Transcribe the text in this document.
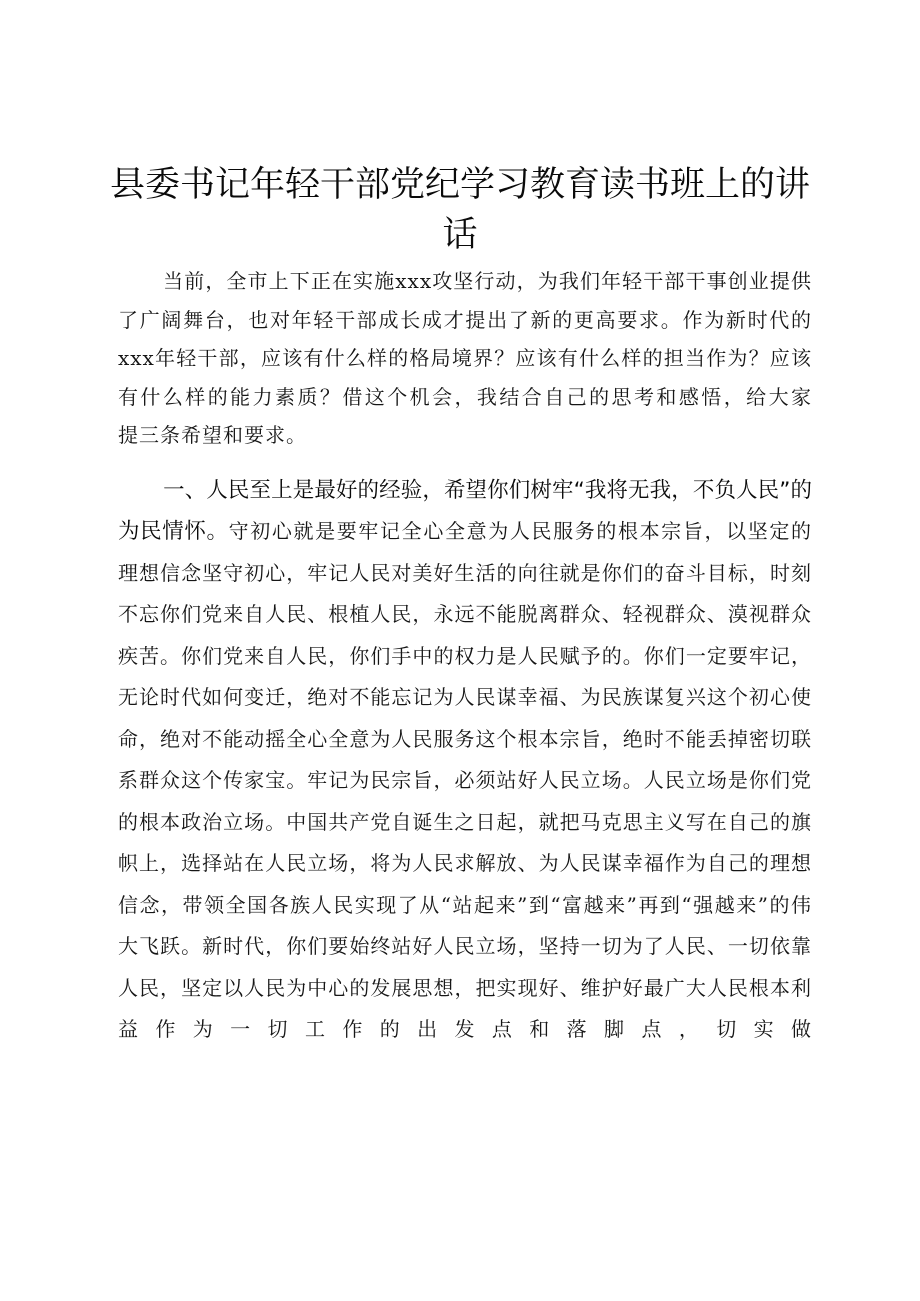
县委书记年轻干部党纪学习教育读书班上的讲话

当前，全市上下正在实施xxx攻坚行动，为我们年轻干部干事创业提供了广阔舞台，也对年轻干部成长成才提出了新的更高要求。作为新时代的xxx年轻干部，应该有什么样的格局境界？应该有什么样的担当作为？应该有什么样的能力素质？借这个机会，我结合自己的思考和感悟，给大家
提三条希望和要求。

一、人民至上是最好的经验，希望你们树牢“我将无我，不负人民”的为民情怀。守初心就是要牢记全心全意为人民服务的根本宗旨，以坚定的理想信念坚守初心，牢记人民对美好生活的向往就是你们的奋斗目标，时刻不忘你们党来自人民、根植人民，永远不能脱离群众、轻视群众、漠视群众疾苦。你们党来自人民，你们手中的权力是人民赋予的。你们一定要牢记，无论时代如何变迁，绝对不能忘记为人民谋幸福、为民族谋复兴这个初心使命，绝对不能动摇全心全意为人民服务这个根本宗旨，绝时不能丢掉密切联系群众这个传家宝。牢记为民宗旨，必须站好人民立场。人民立场是你们党的根本政治立场。中国共产党自诞生之日起，就把马克思主义写在自己的旗帜上，选择站在人民立场，将为人民求解放、为人民谋幸福作为自己的理想信念，带领全国各族人民实现了从“站起来”到“富越来”再到“强越来”的伟大飞跃。新时代，你们要始终站好人民立场，坚持一切为了人民、一切依靠人民，坚定以人民为中心的发展思想，把实现好、维护好最广大人民根本利益作为一切工作的出发点和落脚点，切实做
